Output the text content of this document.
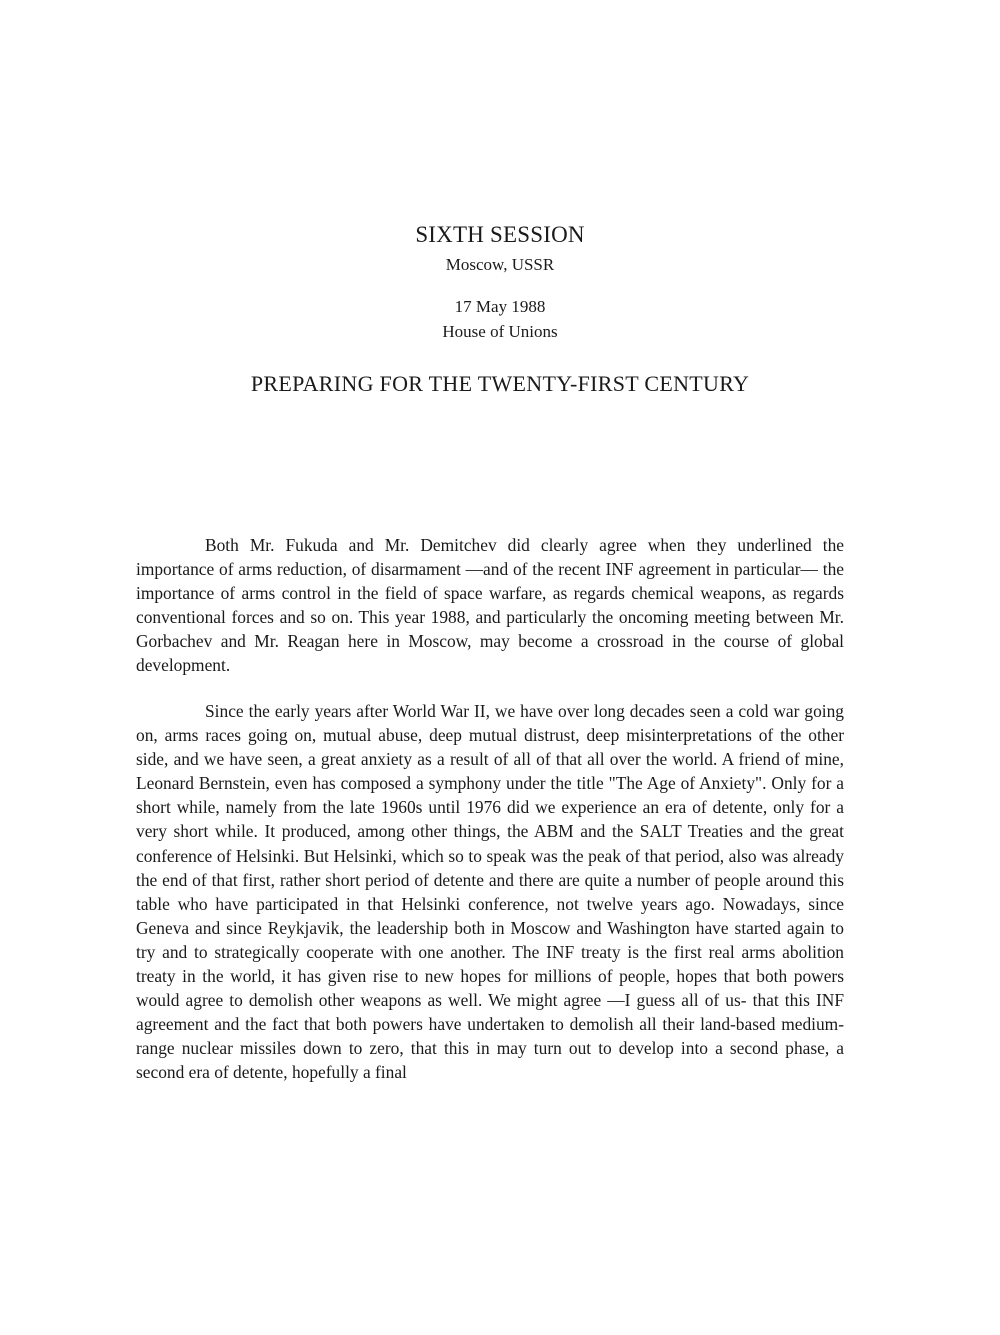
SIXTH SESSION
Moscow, USSR
17 May 1988
House of Unions
PREPARING FOR THE TWENTY-FIRST CENTURY

Both Mr. Fukuda and Mr. Demitchev did clearly agree when they underlined the importance of arms reduction, of disarmament —and of the recent INF agreement in particular— the importance of arms control in the field of space warfare, as regards chemical weapons, as regards conventional forces and so on. This year 1988, and particularly the oncoming meeting between Mr. Gorbachev and Mr. Reagan here in Moscow, may become a crossroad in the course of global development.

Since the early years after World War II, we have over long decades seen a cold war going on, arms races going on, mutual abuse, deep mutual distrust, deep misinterpretations of the other side, and we have seen, a great anxiety as a result of all of that all over the world. A friend of mine, Leonard Bernstein, even has composed a symphony under the title "The Age of Anxiety". Only for a short while, namely from the late 1960s until 1976 did we experience an era of detente, only for a very short while. It produced, among other things, the ABM and the SALT Treaties and the great conference of Helsinki. But Helsinki, which so to speak was the peak of that period, also was already the end of that first, rather short period of detente and there are quite a number of people around this table who have participated in that Helsinki conference, not twelve years ago. Nowadays, since Geneva and since Reykjavik, the leadership both in Moscow and Washington have started again to try and to strategically cooperate with one another. The INF treaty is the first real arms abolition treaty in the world, it has given rise to new hopes for millions of people, hopes that both powers would agree to demolish other weapons as well. We might agree —I guess all of us- that this INF agreement and the fact that both powers have undertaken to demolish all their land-based medium-range nuclear missiles down to zero, that this in may turn out to develop into a second phase, a second era of detente, hopefully a final
